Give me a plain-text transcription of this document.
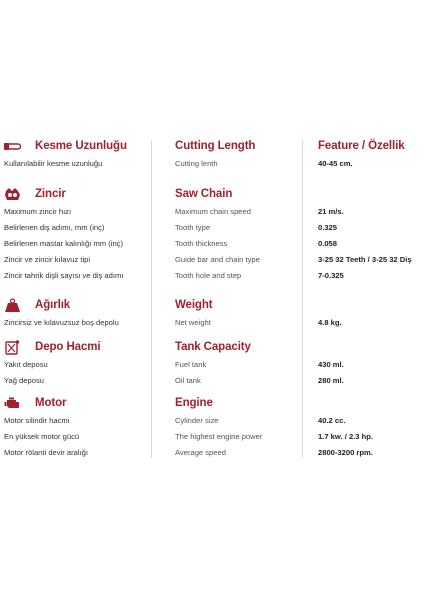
Kesme Uzunluğu	Cutting Length	Feature / Özellik
Kullanılabilir kesme uzunluğu	Cutting lenth	40-45 cm.
Zincir	Saw Chain
Maximum zincir hızı	Maximum chain speed	21 m/s.
Belirlenen diş adımı, mm (inç)	Tooth type	0.325
Belirlenen mastar kalınlığı mm (inç)	Tooth thickness	0.058
Zincir ve zincir kılavuz tipi	Guide bar and chain type	3-25 32 Teeth / 3-25 32 Diş
Zincir tahrik dişli sayısı ve diş adımı	Tooth hole and step	7-0.325
Ağırlık	Weight
Zincirsiz ve kılavuzsuz boş depolu	Net weight	4.8 kg.
Depo Hacmi	Tank Capacity
Yakıt deposu	Fuel tank	430 ml.
Yağ deposu	Oil tank	280 ml.
Motor	Engine
Motor silindir hacmi	Cylinder size	40.2 cc.
En yüksek motor gücü	The highest engine power	1.7 kw. / 2.3 hp.
Motor rölanti devir aralığı	Average speed	2800-3200 rpm.
